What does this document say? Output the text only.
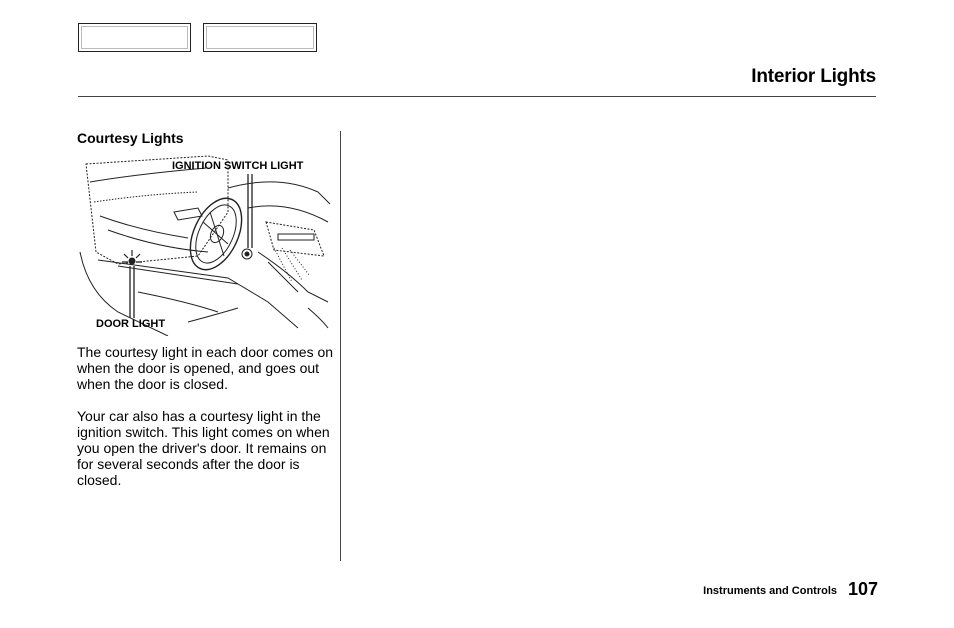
Interior Lights
Courtesy Lights
IGNITION SWITCH LIGHT
DOOR LIGHT

The courtesy light in each door comes on when the door is opened, and goes out when the door is closed.

Your car also has a courtesy light in the ignition switch. This light comes on when you open the driver's door. It remains on for several seconds after the door is closed.

Instruments and Controls 107
